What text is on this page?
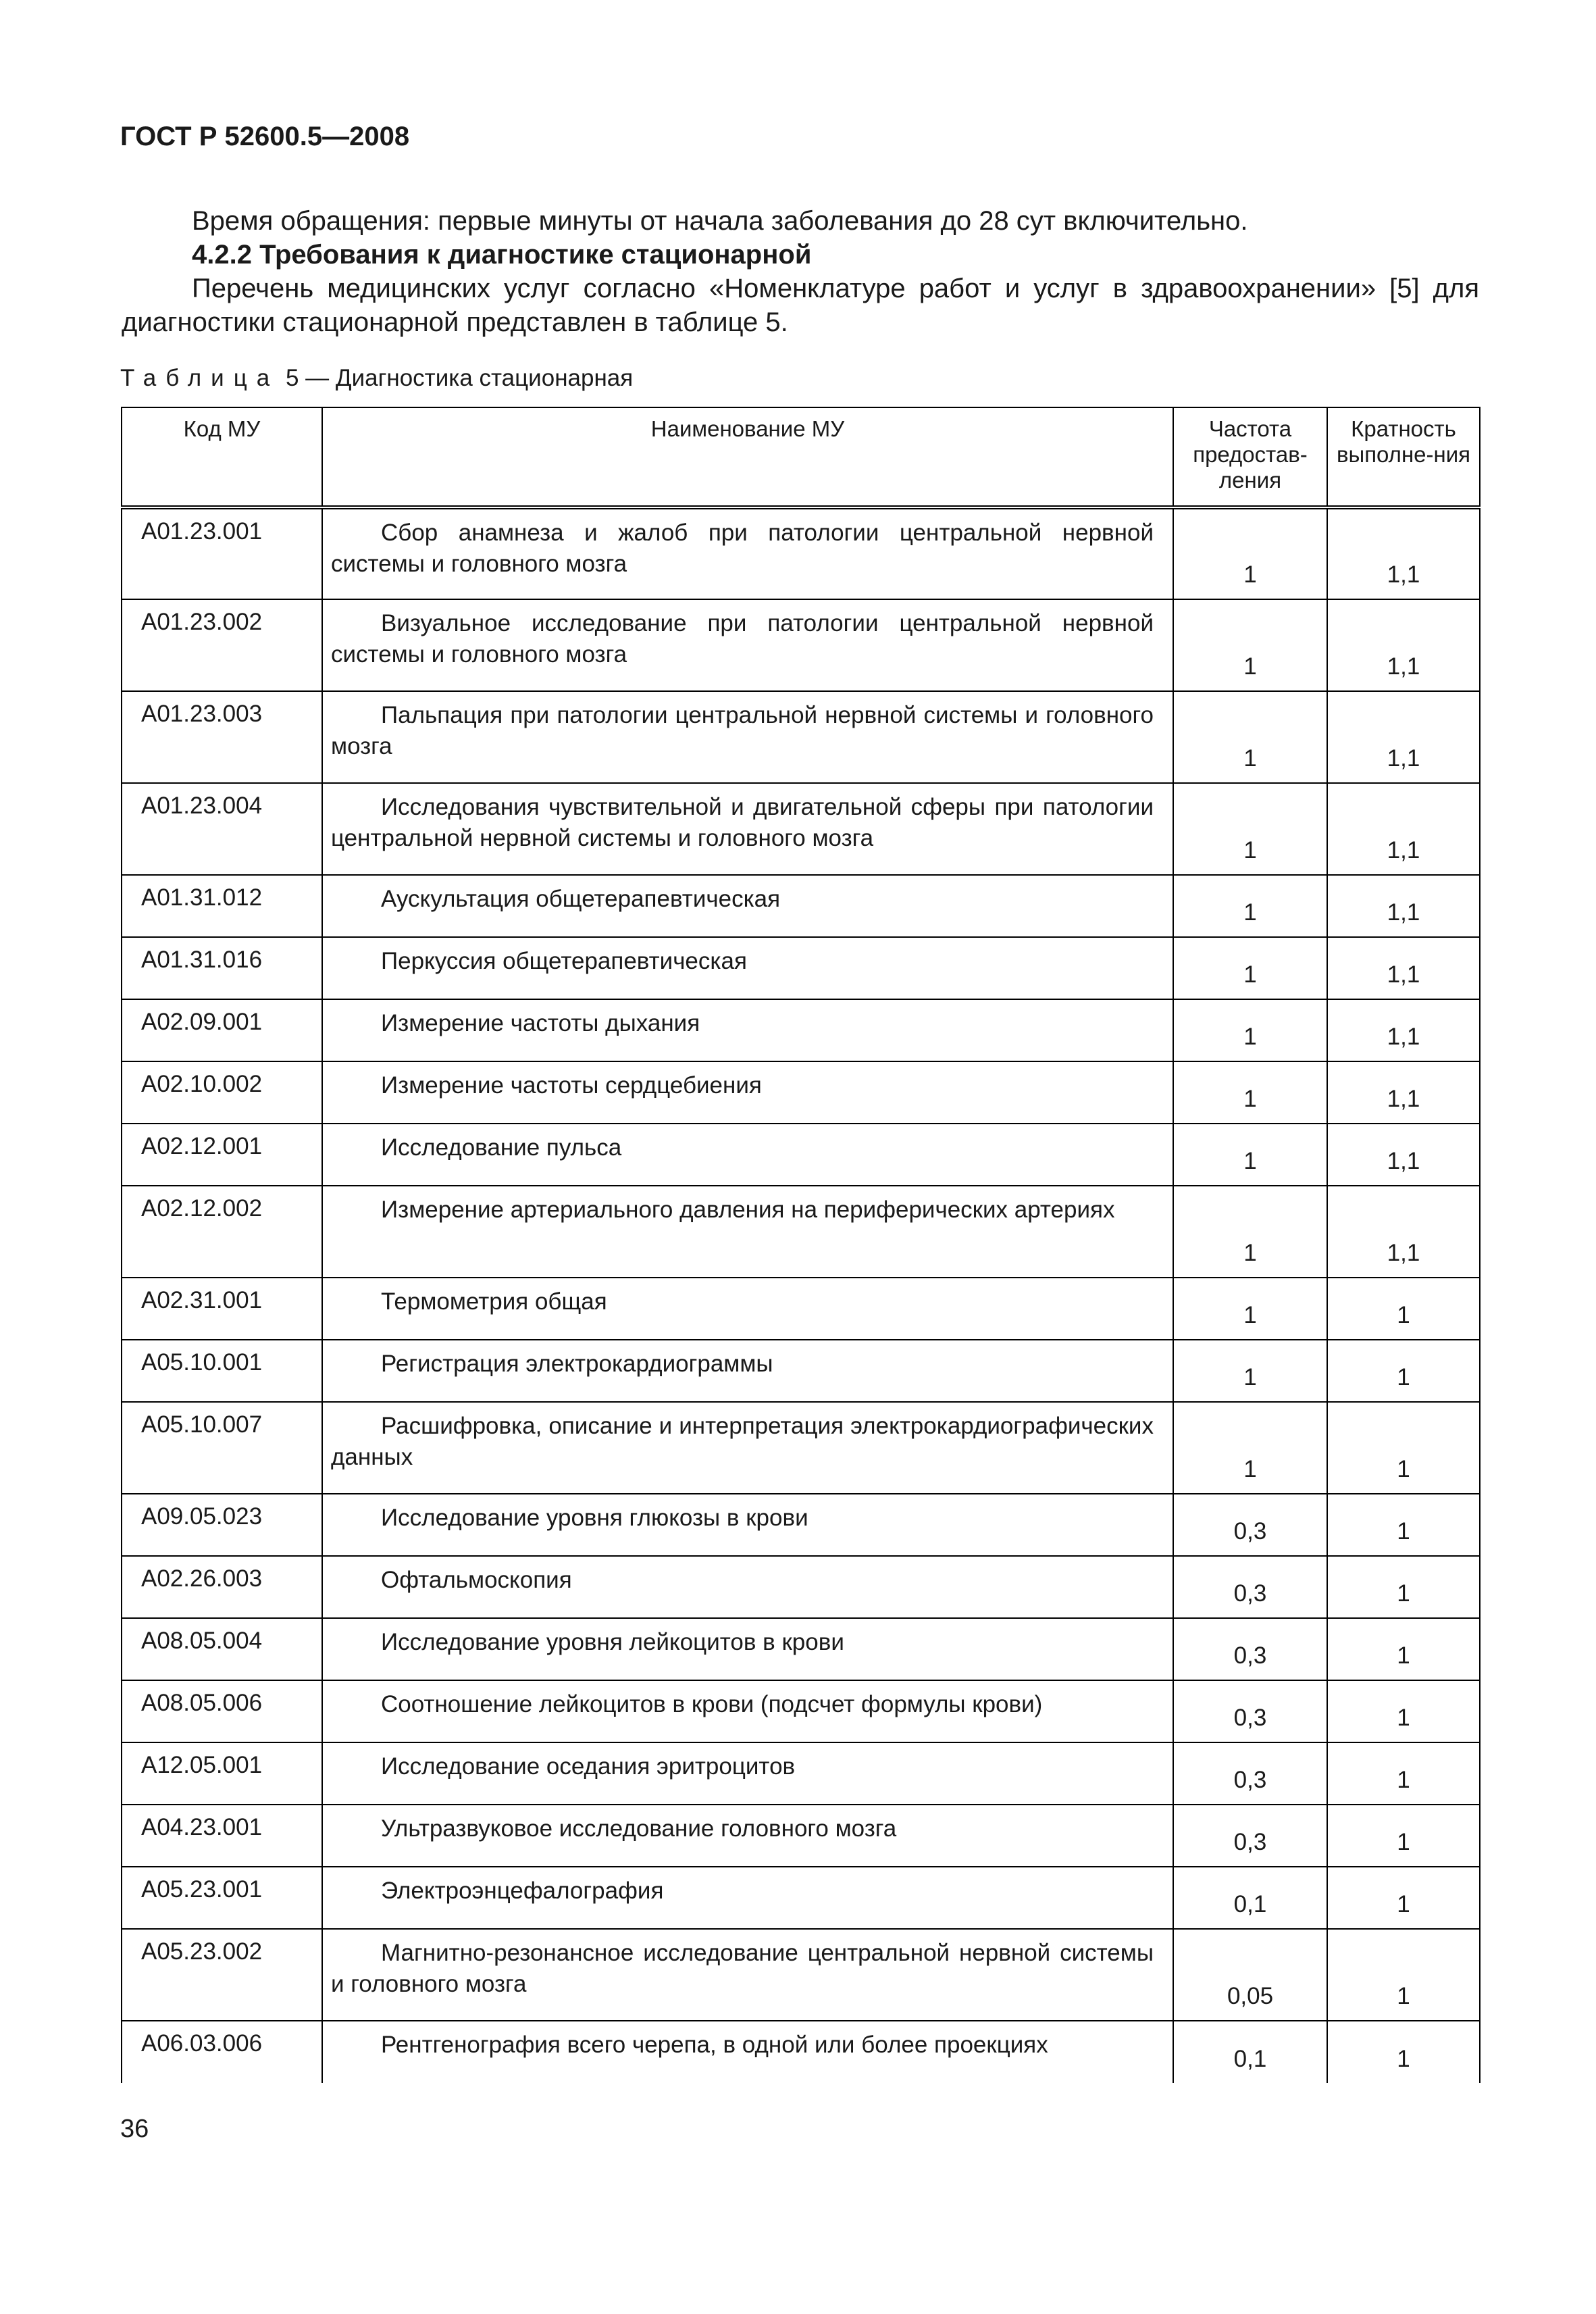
ГОСТ Р 52600.5—2008
Время обращения: первые минуты от начала заболевания до 28 сут включительно.
4.2.2 Требования к диагностике стационарной
Перечень медицинских услуг согласно «Номенклатуре работ и услуг в здравоохранении» [5] для диагностики стационарной представлен в таблице 5.
Таблица 5 — Диагностика стационарная
Код МУ	Наименование МУ	Частота предостав-ления	Кратность выполне-ния
А01.23.001	Сбор анамнеза и жалоб при патологии центральной нервной системы и головного мозга	1	1,1
А01.23.002	Визуальное исследование при патологии центральной нервной системы и головного мозга	1	1,1
А01.23.003	Пальпация при патологии центральной нервной системы и головного мозга	1	1,1
А01.23.004	Исследования чувствительной и двигательной сферы при патологии центральной нервной системы и головного мозга	1	1,1
А01.31.012	Аускультация общетерапевтическая	1	1,1
А01.31.016	Перкуссия общетерапевтическая	1	1,1
А02.09.001	Измерение частоты дыхания	1	1,1
А02.10.002	Измерение частоты сердцебиения	1	1,1
А02.12.001	Исследование пульса	1	1,1
А02.12.002	Измерение артериального давления на периферических артериях	1	1,1
А02.31.001	Термометрия общая	1	1
А05.10.001	Регистрация электрокардиограммы	1	1
А05.10.007	Расшифровка, описание и интерпретация электрокардиографических данных	1	1
А09.05.023	Исследование уровня глюкозы в крови	0,3	1
А02.26.003	Офтальмоскопия	0,3	1
А08.05.004	Исследование уровня лейкоцитов в крови	0,3	1
А08.05.006	Соотношение лейкоцитов в крови (подсчет формулы крови)	0,3	1
А12.05.001	Исследование оседания эритроцитов	0,3	1
А04.23.001	Ультразвуковое исследование головного мозга	0,3	1
А05.23.001	Электроэнцефалография	0,1	1
А05.23.002	Магнитно-резонансное исследование центральной нервной системы и головного мозга	0,05	1
А06.03.006	Рентгенография всего черепа, в одной или более проекциях	0,1	1
36
